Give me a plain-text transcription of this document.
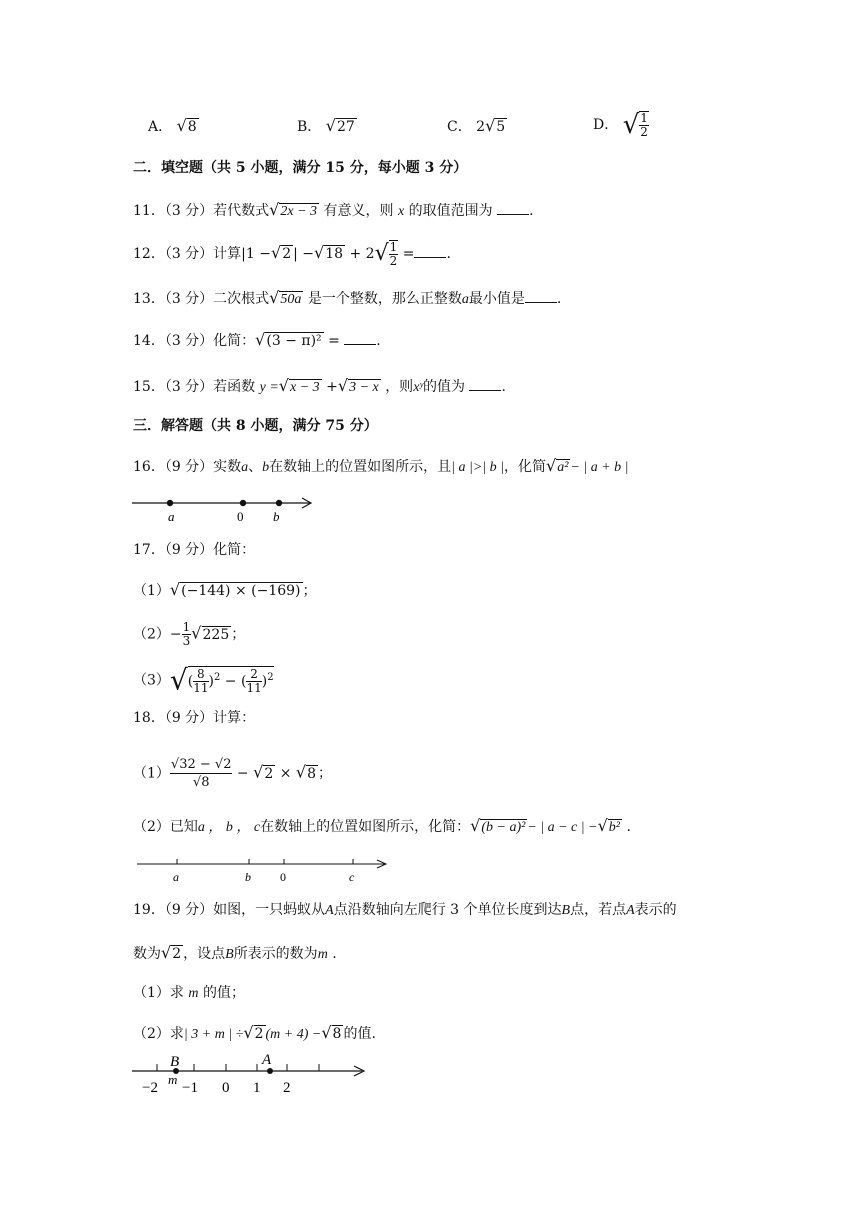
A． √8	B． √27	C． 2√5	D． √ $\frac{1}{2}$
二．填空题（共 5 小题，满分 15 分，每小题 3 分）
11．（3 分）若代数式√2x − 3 有意义，则 x 的取值范围为	.
12．（3 分）计算|1 −√2 | $-√18 + 2√ \frac{1}{2}$ = .
13．（3 分）二次根式√50a 是一个整数，那么正整数a最小值是 .
14．（3 分）化简：√(3 − π)² =	.
15．（3 分）若函数 y =√x − 3 +√3 − x ，则xʸ的值为	.
三．解答题（共 8 小题，满分 75 分）
16．（9 分）实数a、b在数轴上的位置如图所示，且| a |>| b |，化简√a² − | a + b |
a	0 b
17．（9 分）化简：
（1）√(−144) × (−169) ；
$(2)- \frac{1}{3} √225$ ；
$(3)√( \frac{8}{11} )^2$ − ( $\frac{2}{11} )^2$
18．（9 分）计算：
$(1) \frac{√32 - √2}{√8} - √2 \times √8$ ；
（2）已知a ， b ， c在数轴上的位置如图所示，化简：√(b − a)² − | a − c | −√b² .
a	b 0	c
19．（9 分）如图，一只蚂蚁从A点沿数轴向左爬行 3 个单位长度到达B点，若点A表示的
数为√2 ，设点B所表示的数为m .
（1）求 m 的值；
（2）求| 3 + m | ÷√2 (m + 4) −√8 的值.
B	A
m
−2 −1 0 1 2
